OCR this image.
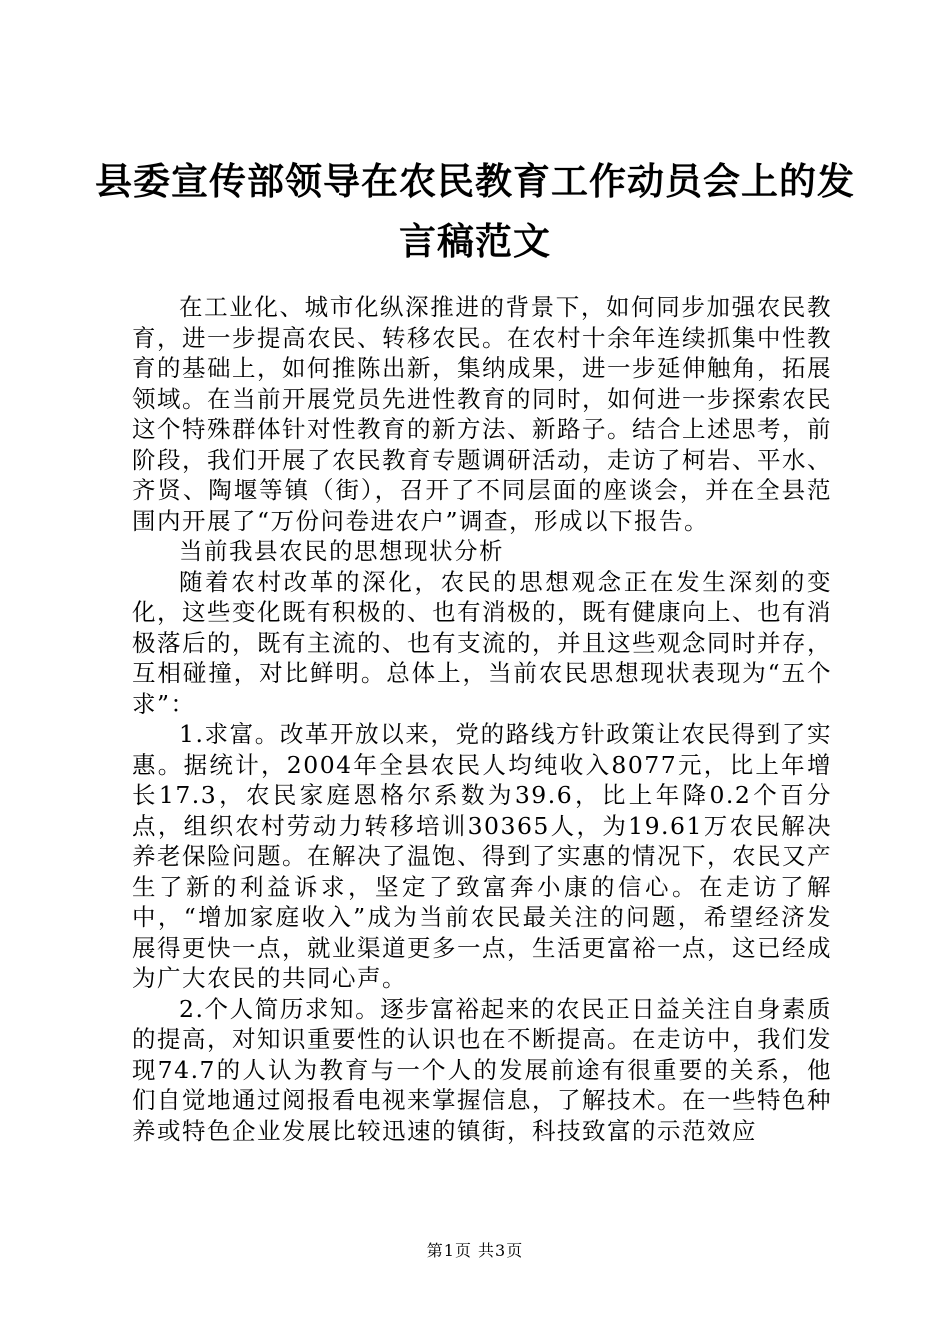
县委宣传部领导在农民教育工作动员会上的发
言稿范文

在工业化、城市化纵深推进的背景下，如何同步加强农民教育，进一步提高农民、转移农民。在农村十余年连续抓集中性教育的基础上，如何推陈出新，集纳成果，进一步延伸触角，拓展领域。在当前开展党员先进性教育的同时，如何进一步探索农民这个特殊群体针对性教育的新方法、新路子。结合上述思考，前阶段，我们开展了农民教育专题调研活动，走访了柯岩、平水、齐贤、陶堰等镇（街），召开了不同层面的座谈会，并在全县范围内开展了“万份问卷进农户”调查，形成以下报告。

当前我县农民的思想现状分析

随着农村改革的深化，农民的思想观念正在发生深刻的变化，这些变化既有积极的、也有消极的，既有健康向上、也有消极落后的，既有主流的、也有支流的，并且这些观念同时并存，互相碰撞，对比鲜明。总体上，当前农民思想现状表现为“五个求”：

1.求富。改革开放以来，党的路线方针政策让农民得到了实惠。据统计，2004年全县农民人均纯收入8077元，比上年增长17.3，农民家庭恩格尔系数为39.6，比上年降0.2个百分点，组织农村劳动力转移培训30365人，为19.61万农民解决养老保险问题。在解决了温饱、得到了实惠的情况下，农民又产生了新的利益诉求，坚定了致富奔小康的信心。在走访了解中，“增加家庭收入”成为当前农民最关注的问题，希望经济发展得更快一点，就业渠道更多一点，生活更富裕一点，这已经成为广大农民的共同心声。

2.个人简历求知。逐步富裕起来的农民正日益关注自身素质的提高，对知识重要性的认识也在不断提高。在走访中，我们发现74.7的人认为教育与一个人的发展前途有很重要的关系，他们自觉地通过阅报看电视来掌握信息，了解技术。在一些特色种养或特色企业发展比较迅速的镇街，科技致富的示范效应

第1页 共3页
